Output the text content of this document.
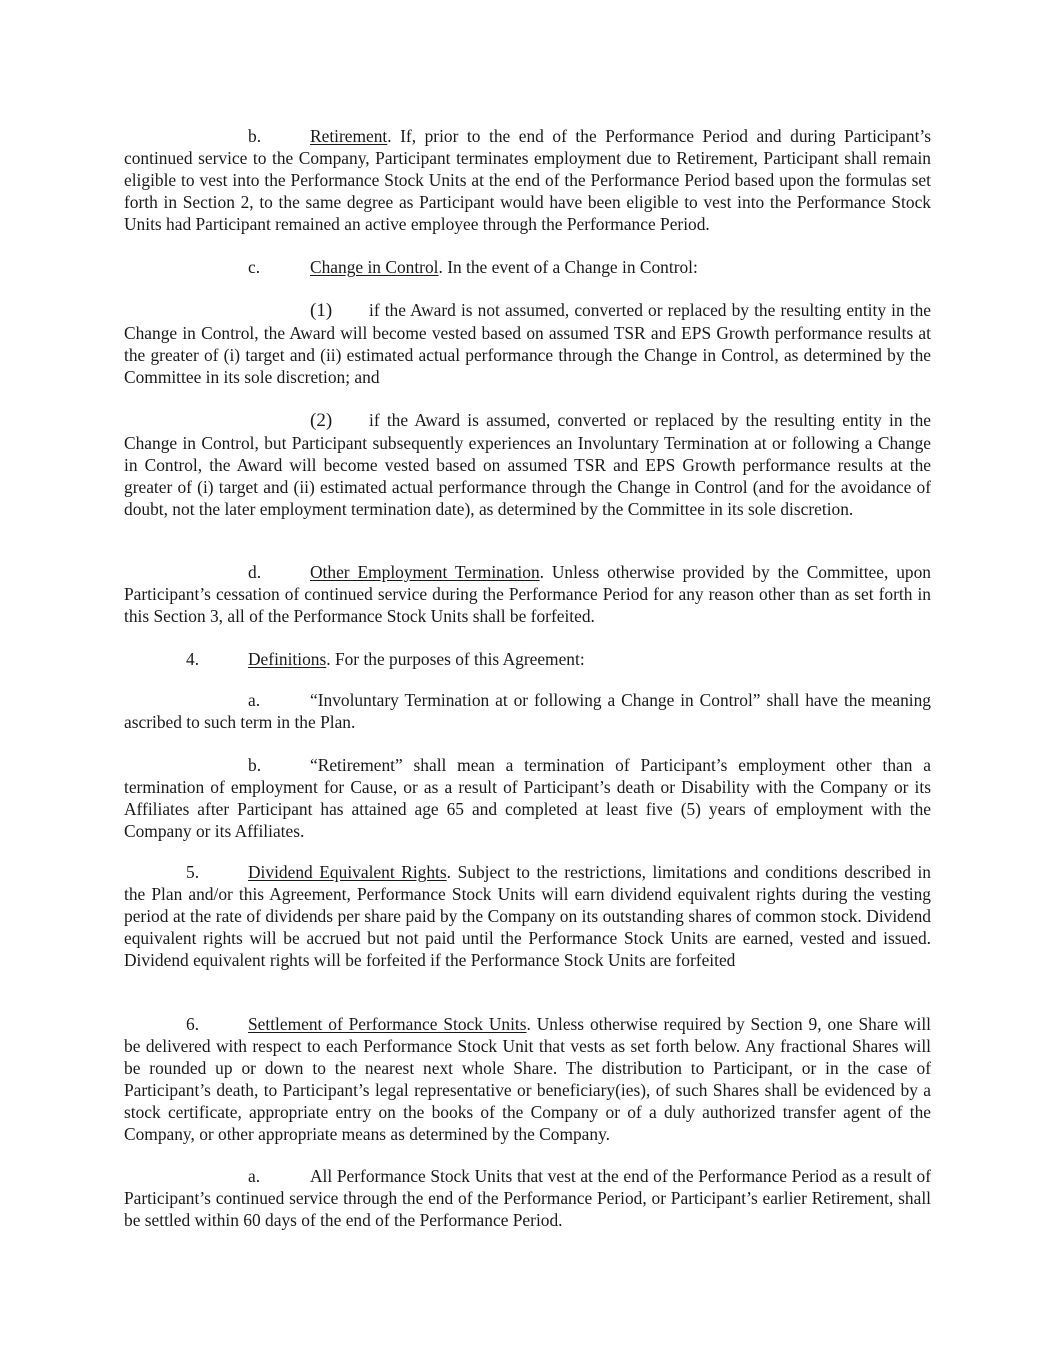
b.	Retirement. If, prior to the end of the Performance Period and during Participant’s continued service to the Company, Participant terminates employment due to Retirement, Participant shall remain eligible to vest into the Performance Stock Units at the end of the Performance Period based upon the formulas set forth in Section 2, to the same degree as Participant would have been eligible to vest into the Performance Stock Units had Participant remained an active employee through the Performance Period.

c.	Change in Control. In the event of a Change in Control:

(1) if the Award is not assumed, converted or replaced by the resulting entity in the Change in Control, the Award will become vested based on assumed TSR and EPS Growth performance results at the greater of (i) target and (ii) estimated actual performance through the Change in Control, as determined by the Committee in its sole discretion; and

(2) if the Award is assumed, converted or replaced by the resulting entity in the Change in Control, but Participant subsequently experiences an Involuntary Termination at or following a Change in Control, the Award will become vested based on assumed TSR and EPS Growth performance results at the greater of (i) target and (ii) estimated actual performance through the Change in Control (and for the avoidance of doubt, not the later employment termination date), as determined by the Committee in its sole discretion.

d.	Other Employment Termination. Unless otherwise provided by the Committee, upon Participant’s cessation of continued service during the Performance Period for any reason other than as set forth in this Section 3, all of the Performance Stock Units shall be forfeited.

4.	Definitions. For the purposes of this Agreement:

a.	“Involuntary Termination at or following a Change in Control” shall have the meaning ascribed to such term in the Plan.

b.	“Retirement” shall mean a termination of Participant’s employment other than a termination of employment for Cause, or as a result of Participant’s death or Disability with the Company or its Affiliates after Participant has attained age 65 and completed at least five (5) years of employment with the Company or its Affiliates.

5.	Dividend Equivalent Rights. Subject to the restrictions, limitations and conditions described in the Plan and/or this Agreement, Performance Stock Units will earn dividend equivalent rights during the vesting period at the rate of dividends per share paid by the Company on its outstanding shares of common stock. Dividend equivalent rights will be accrued but not paid until the Performance Stock Units are earned, vested and issued. Dividend equivalent rights will be forfeited if the Performance Stock Units are forfeited

6.	Settlement of Performance Stock Units. Unless otherwise required by Section 9, one Share will be delivered with respect to each Performance Stock Unit that vests as set forth below. Any fractional Shares will be rounded up or down to the nearest next whole Share. The distribution to Participant, or in the case of Participant’s death, to Participant’s legal representative or beneficiary(ies), of such Shares shall be evidenced by a stock certificate, appropriate entry on the books of the Company or of a duly authorized transfer agent of the Company, or other appropriate means as determined by the Company.

a.	All Performance Stock Units that vest at the end of the Performance Period as a result of Participant’s continued service through the end of the Performance Period, or Participant’s earlier Retirement, shall be settled within 60 days of the end of the Performance Period.
